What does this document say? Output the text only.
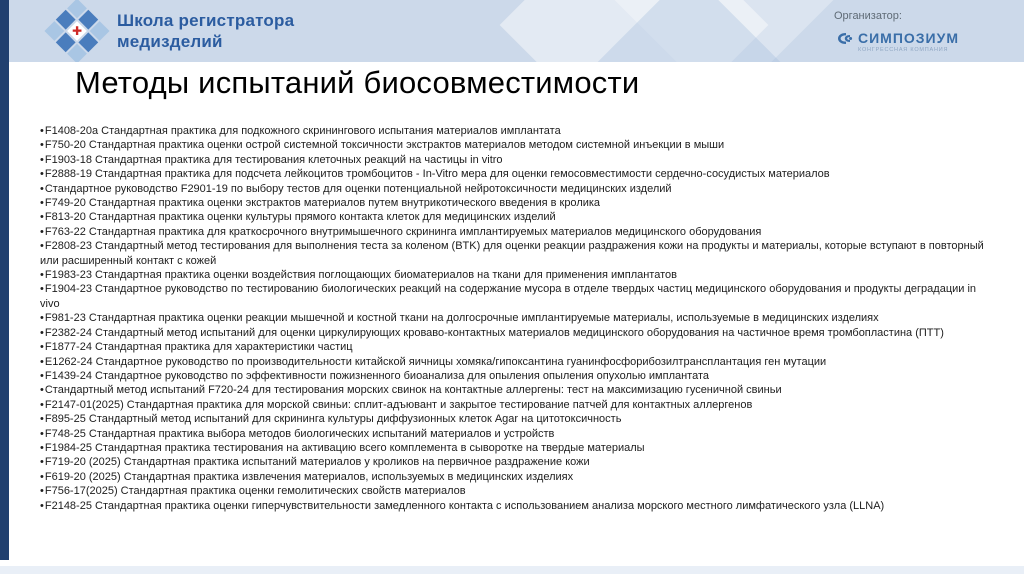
✚
Школа регистратора
медизделий
Организатор:
СИМПОЗИУМ
КОНГРЕССНАЯ КОМПАНИЯ
Методы испытаний биосовместимости
•F1408-20a Стандартная практика для подкожного скринингового испытания материалов имплантата
•F750-20 Стандартная практика оценки острой системной токсичности экстрактов материалов методом системной инъекции в мыши
•F1903-18 Стандартная практика для тестирования клеточных реакций на частицы in vitro
•F2888-19 Стандартная практика для подсчета лейкоцитов тромбоцитов - In-Vitro мера для оценки гемосовместимости сердечно-сосудистых материалов
•Стандартное руководство F2901-19 по выбору тестов для оценки потенциальной нейротоксичности медицинских изделий
•F749-20 Стандартная практика оценки экстрактов материалов путем внутрикотического введения в кролика
•F813-20 Стандартная практика оценки культуры прямого контакта клеток для медицинских изделий
•F763-22 Стандартная практика для краткосрочного внутримышечного скрининга имплантируемых материалов медицинского оборудования
•F2808-23 Стандартный метод тестирования для выполнения теста за коленом (BTK) для оценки реакции раздражения кожи на продукты и материалы, которые вступают в повторный или расширенный контакт с кожей
•F1983-23 Стандартная практика оценки воздействия поглощающих биоматериалов на ткани для применения имплантатов
•F1904-23 Стандартное руководство по тестированию биологических реакций на содержание мусора в отделе твердых частиц медицинского оборудования и продукты деградации in vivo
•F981-23 Стандартная практика оценки реакции мышечной и костной ткани на долгосрочные имплантируемые материалы, используемые в медицинских изделиях
•F2382-24 Стандартный метод испытаний для оценки циркулирующих кроваво-контактных материалов медицинского оборудования на частичное время тромбопластина (ПТТ)
•F1877-24 Стандартная практика для характеристики частиц
•E1262-24 Стандартное руководство по производительности китайской яичницы хомяка/гипоксантина гуанинфосфорибозилтрансплантация ген мутации
•F1439-24 Стандартное руководство по эффективности пожизненного биоанализа для опыления опыления опухолью имплантата
•Стандартный метод испытаний F720-24 для тестирования морских свинок на контактные аллергены: тест на максимизацию гусеничной свиньи
•F2147-01(2025) Стандартная практика для морской свиньи: сплит-адъювант и закрытое тестирование патчей для контактных аллергенов
•F895-25 Стандартный метод испытаний для скрининга культуры диффузионных клеток Agar на цитотоксичность
•F748-25 Стандартная практика выбора методов биологических испытаний материалов и устройств
•F1984-25 Стандартная практика тестирования на активацию всего комплемента в сыворотке на твердые материалы
•F719-20 (2025) Стандартная практика испытаний материалов у кроликов на первичное раздражение кожи
•F619-20 (2025) Стандартная практика извлечения материалов, используемых в медицинских изделиях
•F756-17(2025) Стандартная практика оценки гемолитических свойств материалов
•F2148-25 Стандартная практика оценки гиперчувствительности замедленного контакта с использованием анализа морского местного лимфатического узла (LLNA)
